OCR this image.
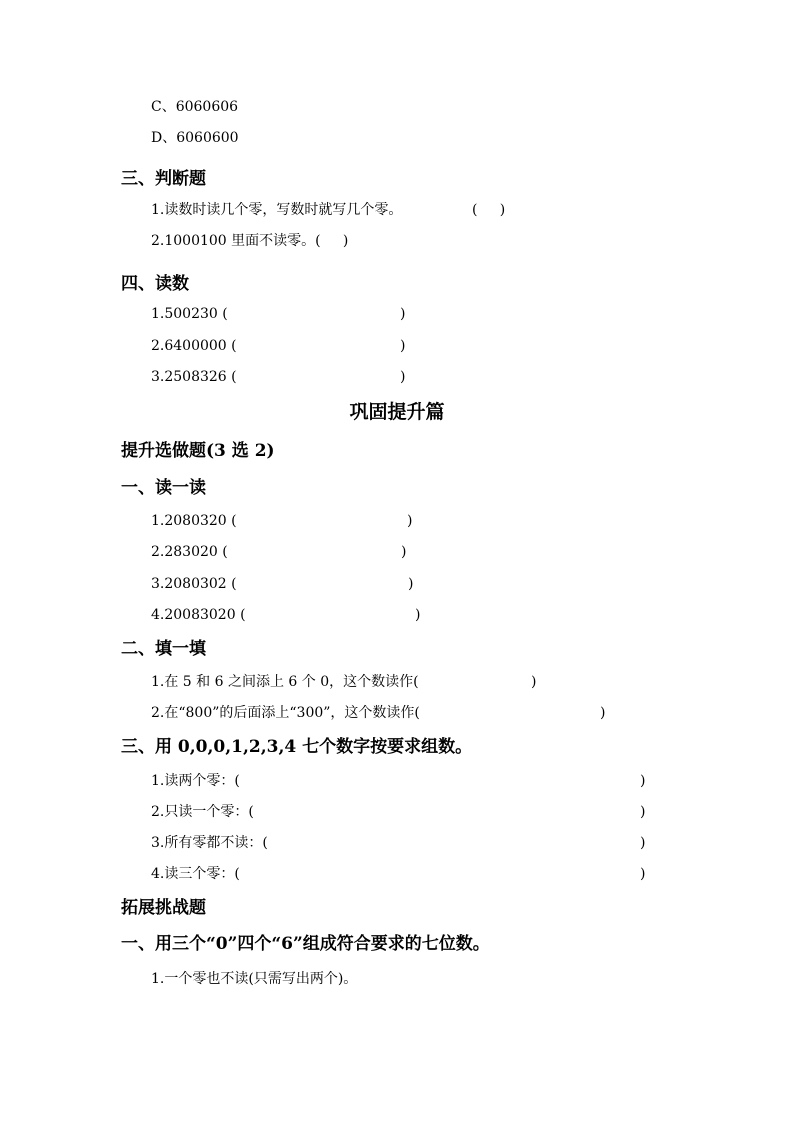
C、6060606
D、6060600
三、判断题
1.读数时读几个零，写数时就写几个零。	(     )
2.1000100 里面不读零。(     )
四、读数
1.500230 (	)
2.6400000 (	)
3.2508326 (	)
巩固提升篇
提升选做题(3 选 2)
一、读一读
1.2080320 (	)
2.283020 (	)
3.2080302 (	)
4.20083020 (	)
二、填一填
1.在 5 和 6 之间添上 6 个 0，这个数读作(	)
2.在“800”的后面添上“300”，这个数读作(	)
三、用 0,0,0,1,2,3,4 七个数字按要求组数。
1.读两个零：(	)
2.只读一个零：(	)
3.所有零都不读：(	)
4.读三个零：(	)
拓展挑战题
一、用三个“0”四个“6”组成符合要求的七位数。
1.一个零也不读(只需写出两个)。
